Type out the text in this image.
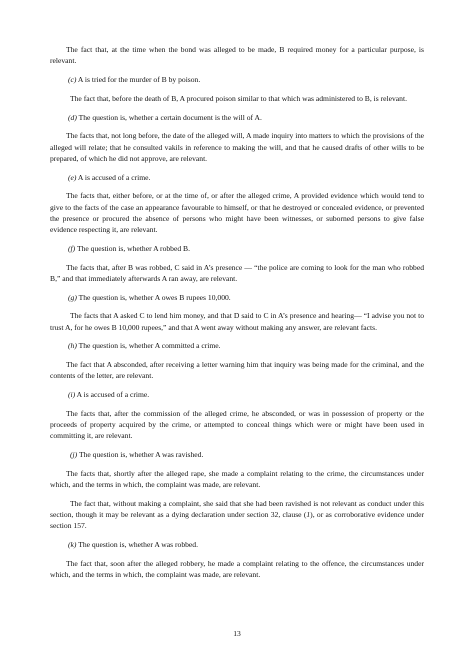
The fact that, at the time when the bond was alleged to be made, B required money for a particular purpose, is relevant.

(c) A is tried for the murder of B by poison.

The fact that, before the death of B, A procured poison similar to that which was administered to B, is relevant.

(d) The question is, whether a certain document is the will of A.

The facts that, not long before, the date of the alleged will, A made inquiry into matters to which the provisions of the alleged will relate; that he consulted vakils in reference to making the will, and that he caused drafts of other wills to be prepared, of which he did not approve, are relevant.

(e) A is accused of a crime.

The facts that, either before, or at the time of, or after the alleged crime, A provided evidence which would tend to give to the facts of the case an appearance favourable to himself, or that he destroyed or concealed evidence, or prevented the presence or procured the absence of persons who might have been witnesses, or suborned persons to give false evidence respecting it, are relevant.

(f) The question is, whether A robbed B.

The facts that, after B was robbed, C said in A’s presence — “the police are coming to look for the man who robbed B,” and that immediately afterwards A ran away, are relevant.

(g) The question is, whether A owes B rupees 10,000.

The facts that A asked C to lend him money, and that D said to C in A’s presence and hearing— “I advise you not to trust A, for he owes B 10,000 rupees,” and that A went away without making any answer, are relevant facts.

(h) The question is, whether A committed a crime.

The fact that A absconded, after receiving a letter warning him that inquiry was being made for the criminal, and the contents of the letter, are relevant.

(i) A is accused of a crime.

The facts that, after the commission of the alleged crime, he absconded, or was in possession of property or the proceeds of property acquired by the crime, or attempted to conceal things which were or might have been used in committing it, are relevant.

(j) The question is, whether A was ravished.

The facts that, shortly after the alleged rape, she made a complaint relating to the crime, the circumstances under which, and the terms in which, the complaint was made, are relevant.

The fact that, without making a complaint, she said that she had been ravished is not relevant as conduct under this section, though it may be relevant as a dying declaration under section 32, clause (1), or as corroborative evidence under section 157.

(k) The question is, whether A was robbed.

The fact that, soon after the alleged robbery, he made a complaint relating to the offence, the circumstances under which, and the terms in which, the complaint was made, are relevant.

13
